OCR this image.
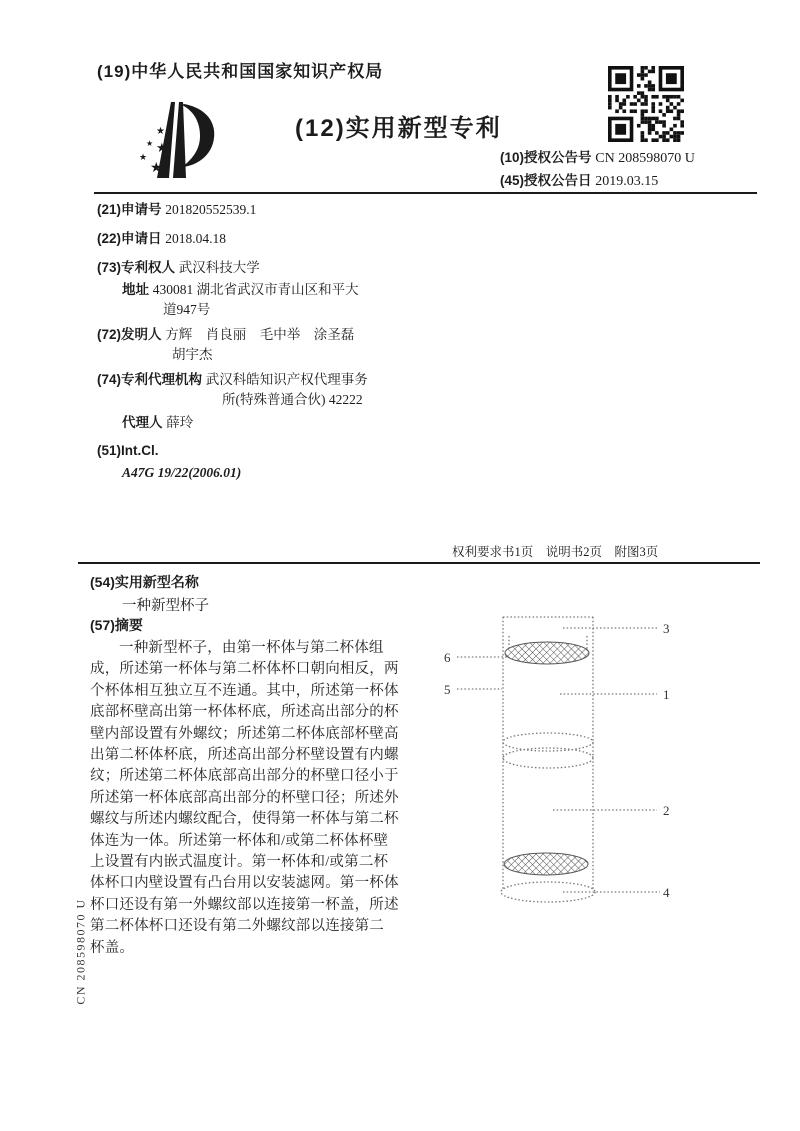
(19)中华人民共和国国家知识产权局
★
★ ★
★
★
(12)实用新型专利
(10)授权公告号 CN 208598070 U
(45)授权公告日 2019.03.15
(21)申请号 201820552539.1
(22)申请日 2018.04.18
(73)专利权人 武汉科技大学
地址 430081 湖北省武汉市青山区和平大
道947号
(72)发明人 方辉　肖良丽　毛中举　涂圣磊
胡宇杰
(74)专利代理机构 武汉科皓知识产权代理事务
所(特殊普通合伙) 42222
代理人 薛玲
(51)Int.Cl.
A47G 19/22(2006.01)
权利要求书1页　说明书2页　附图3页
(54)实用新型名称
一种新型杯子
(57)摘要
一种新型杯子，由第一杯体与第二杯体组
成，所述第一杯体与第二杯体杯口朝向相反，两
个杯体相互独立互不连通。其中，所述第一杯体
底部杯壁高出第一杯体杯底，所述高出部分的杯
壁内部设置有外螺纹；所述第二杯体底部杯壁高
出第二杯体杯底，所述高出部分杯壁设置有内螺
纹；所述第二杯体底部高出部分的杯壁口径小于
所述第一杯体底部高出部分的杯壁口径；所述外
螺纹与所述内螺纹配合，使得第一杯体与第二杯
体连为一体。所述第一杯体和/或第二杯体杯壁
上设置有内嵌式温度计。第一杯体和/或第二杯
体杯口内壁设置有凸台用以安装滤网。第一杯体
杯口还设有第一外螺纹部以连接第一杯盖，所述
第二杯体杯口还设有第二外螺纹部以连接第二
杯盖。
3
6
5	1
2
4
CN 208598070 U
